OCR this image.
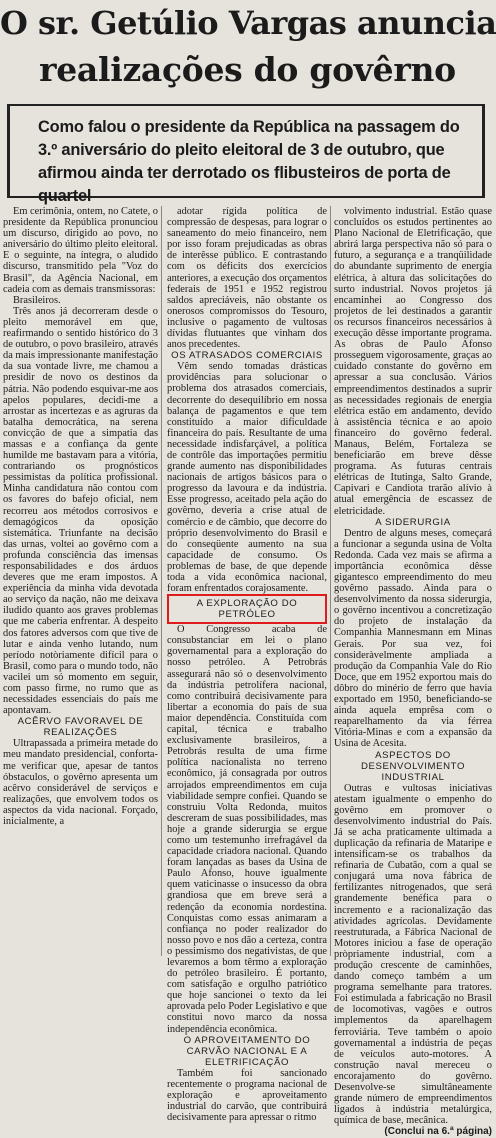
O sr. Getúlio Vargas anuncia
realizações do govêrno
Como falou o presidente da República na passagem do 3.º aniversário do pleito eleitoral de 3 de outubro, que afirmou ainda ter derrotado os flibusteiros de porta de quartel

Em cerimônia, ontem, no Catete, o presidente da República pronunciou um discurso, dirigido ao povo, no aniversário do último pleito eleitoral. E o seguinte, na íntegra, o aludido discurso, transmitido pela "Voz do Brasil", da Agência Nacional, em cadeia com as demais transmissoras:

Brasileiros.

Três anos já decorreram desde o pleito memorável em que, reafirmando o sentido histórico do 3 de outubro, o povo brasileiro, através da mais impressionante manifestação da sua vontade livre, me chamou a presidir de novo os destinos da pátria. Não podendo esquivar-me aos apelos populares, decidi-me a arrostar as incertezas e as agruras da batalha democrática, na serena convicção de que a simpatia das massas e a confiança da gente humilde me bastavam para a vitória, contrariando os prognósticos pessimistas da política profissional. Minha candidatura não contou com os favores do bafejo oficial, nem recorreu aos métodos corrosivos e demagógicos da oposição sistemática. Triunfante na decisão das urnas, voltei ao govêrno com a profunda consciência das imensas responsabilidades e dos árduos deveres que me eram impostos. A experiência da minha vida devotada ao serviço da nação, não me deixava iludido quanto aos graves problemas que me caberia enfrentar. A despeito dos fatores adversos com que tive de lutar e ainda venho lutando, num período notòriamente difícil para o Brasil, como para o mundo todo, não vacilei um só momento em seguir, com passo firme, no rumo que as necessidades essenciais do país me apontavam.

ACÊRVO FAVORAVEL DE REALIZAÇÕES

Ultrapassada a primeira metade do meu mandato presidencial, conforta-me verificar que, apesar de tantos óbstaculos, o govêrno apresenta um acêrvo considerável de serviços e realizações, que envolvem todos os aspectos da vida nacional. Forçado, inicialmente, a

adotar rígida política de compressão de despesas, para lograr o saneamento do meio financeiro, nem por isso foram prejudicadas as obras de interêsse público. E contrastando com os déficits dos exercícios anteriores, a execução dos orçamentos federais de 1951 e 1952 registrou saldos apreciáveis, não obstante os onerosos compromissos do Tesouro, inclusive o pagamento de vultosas dívidas flutuantes que vinham dos anos precedentes.

OS ATRASADOS COMERCIAIS

Vêm sendo tomadas drásticas providências para solucionar o problema dos atrasados comerciais, decorrente do desequilíbrio em nossa balança de pagamentos e que tem constituído a maior dificuldade financeira do país. Resultante de uma necessidade indisfarçável, a política de contrôle das importações permitiu grande aumento nas disponibilidades nacionais de artigos básicos para o progresso da lavoura e da indústria. Esse progresso, aceitado pela ação do govêrno, deveria a crise atual de comércio e de câmbio, que decorre do próprio desenvolvimento do Brasil e do conseqüente aumento na sua capacidade de consumo. Os problemas de base, de que depende toda a vida econômica nacional, foram enfrentados corajosamente.

A EXPLORAÇÃO DO PETRÓLEO

O Congresso acaba de consubstanciar em lei o plano governamental para a exploração do nosso petróleo. A Petrobrás assegurará não só o desenvolvimento da indústria petrolífera nacional, como contribuirá decisivamente para libertar a economia do país de sua maior dependência. Constituída com capital, técnica e trabalho exclusivamente brasileiros, a Petrobrás resulta de uma firme política nacionalista no terreno econômico, já consagrada por outros arrojados empreendimentos em cuja viabilidade sempre confiei. Quando se construiu Volta Redonda, muitos descreram de suas possibilidades, mas hoje a grande siderurgia se ergue como um testemunho irrefragável da capacidade criadora nacional. Quando foram lançadas as bases da Usina de Paulo Afonso, houve igualmente quem vaticinasse o insucesso da obra grandiosa que em breve será a redenção da economia nordestina. Conquistas como essas animaram a confiança no poder realizador do nosso povo e nos dão a certeza, contra o pessimismo dos negativistas, de que levaremos a bom têrmo a exploração do petróleo brasileiro. É portanto, com satisfação e orgulho patriótico que hoje sancionei o texto da lei aprovada pelo Poder Legislativo e que constitui novo marco da nossa independência econômica.

O APROVEITAMENTO DO CARVÃO NACIONAL E A ELETRIFICAÇÃO

Também foi sancionado recentemente o programa nacional de exploração e aproveitamento industrial do carvão, que contribuirá decisivamente para apressar o ritmo

volvimento industrial. Estão quase concluídos os estudos pertinentes ao Plano Nacional de Eletrificação, que abrirá larga perspectiva não só para o futuro, a segurança e a tranqüilidade do abundante suprimento de energia elétrica, à altura das solicitações do surto industrial. Novos projetos já encaminhei ao Congresso dos projetos de lei destinados a garantir os recursos financeiros necessários à execução dêsse importante programa. As obras de Paulo Afonso prosseguem vigorosamente, graças ao cuidado constante do govêrno em apressar a sua conclusão. Vários empreendimentos destinados a suprir as necessidades regionais de energia elétrica estão em andamento, devido à assistência técnica e ao apoio financeiro do govêrno federal. Manaus, Belém, Fortaleza se beneficiarão em breve dêsse programa. As futuras centrais elétricas de Itutinga, Salto Grande, Capivari e Candiota trarão alívio à atual emergência de escassez de eletricidade.

A SIDERURGIA

Dentro de alguns meses, começará a funcionar a segunda usina de Volta Redonda. Cada vez mais se afirma a importância econômica dêsse gigantesco empreendimento do meu govêrno passado. Ainda para o desenvolvimento da nossa siderurgia, o govêrno incentivou a concretização do projeto de instalação da Companhia Mannesmann em Minas Gerais. Por sua vez, foi consideràvelmente ampliada a produção da Companhia Vale do Rio Doce, que em 1952 exportou mais do dôbro do minério de ferro que havia exportado em 1950, beneficiando-se ainda aquela emprêsa com o reaparelhamento da via férrea Vitória-Minas e com a expansão da Usina de Acesita.

ASPECTOS DO DESENVOLVIMENTO INDUSTRIAL

Outras e vultosas iniciativas atestam igualmente o empenho do govêrno em promover o desenvolvimento industrial do País. Já se acha praticamente ultimada a duplicação da refinaria de Mataripe e intensificam-se os trabalhos da refinaria de Cubatão, com a qual se conjugará uma nova fábrica de fertilizantes nitrogenados, que será grandemente benéfica para o incremento e a racionalização das atividades agrícolas. Devidamente reestruturada, a Fábrica Nacional de Motores iniciou a fase de operação pròpriamente industrial, com a produção crescente de caminhões, dando começo também a um programa semelhante para tratores. Foi estimulada a fabricação no Brasil de locomotivas, vagões e outros implementos da aparelhagem ferroviária. Teve também o apoio governamental a indústria de peças de veículos auto-motores. A construção naval mereceu o encorajamento do govêrno. Desenvolve-se sìmultâneamente grande número de empreendimentos ligados à indústria metalúrgica, química de base, mecânica.

(Conclui na 6.ª página)
